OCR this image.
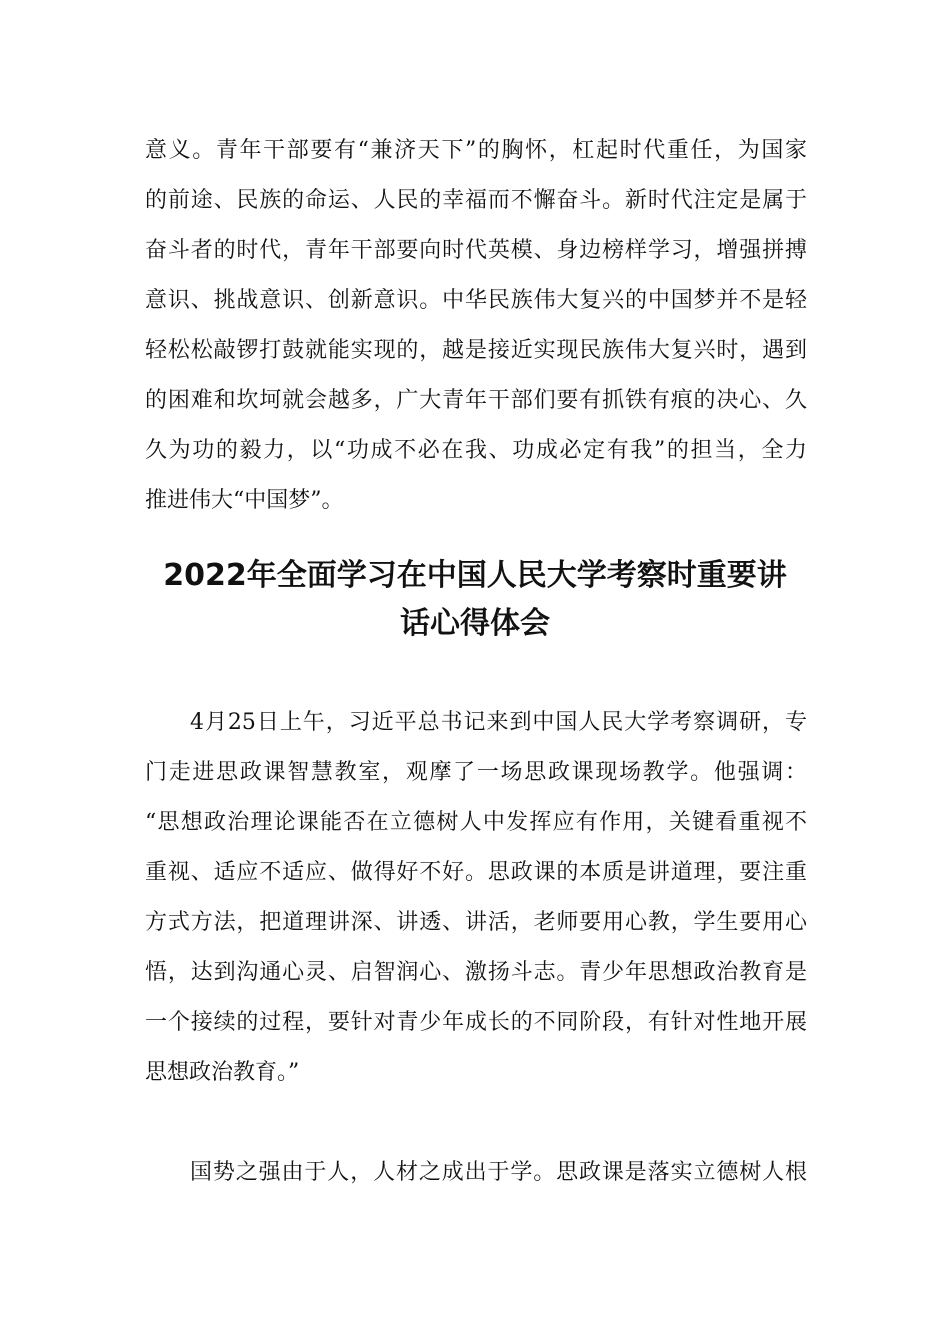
意义。青年干部要有“兼济天下”的胸怀，杠起时代重任，为国家
的前途、民族的命运、人民的幸福而不懈奋斗。新时代注定是属于
奋斗者的时代，青年干部要向时代英模、身边榜样学习，增强拼搏
意识、挑战意识、创新意识。中华民族伟大复兴的中国梦并不是轻
轻松松敲锣打鼓就能实现的，越是接近实现民族伟大复兴时，遇到
的困难和坎坷就会越多，广大青年干部们要有抓铁有痕的决心、久
久为功的毅力，以“功成不必在我、功成必定有我”的担当，全力
推进伟大“中国梦”。
2022年全面学习在中国人民大学考察时重要讲
话心得体会
4月25日上午，习近平总书记来到中国人民大学考察调研，专
门走进思政课智慧教室，观摩了一场思政课现场教学。他强调：
“思想政治理论课能否在立德树人中发挥应有作用，关键看重视不
重视、适应不适应、做得好不好。思政课的本质是讲道理，要注重
方式方法，把道理讲深、讲透、讲活，老师要用心教，学生要用心
悟，达到沟通心灵、启智润心、激扬斗志。青少年思想政治教育是
一个接续的过程，要针对青少年成长的不同阶段，有针对性地开展
思想政治教育。”
国势之强由于人，人材之成出于学。思政课是落实立德树人根
